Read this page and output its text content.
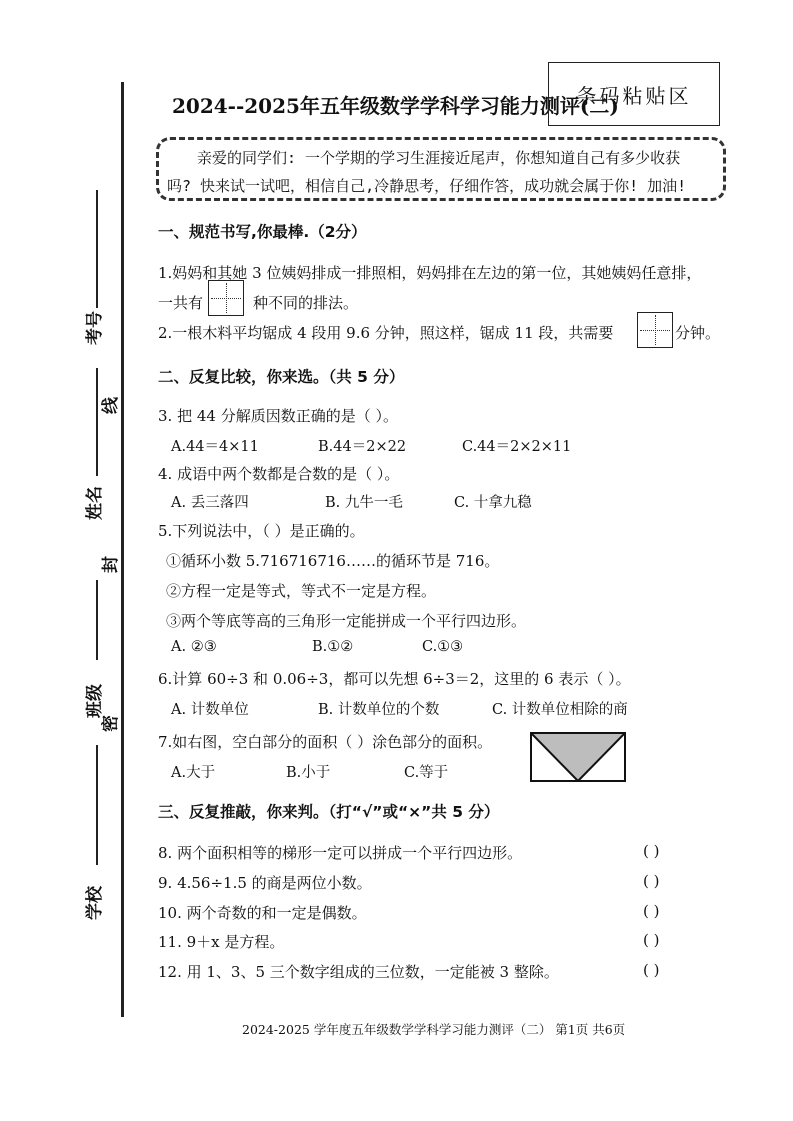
考号
线
姓名
封
班级
密
学校
2024--2025年五年级数学学科学习能力测评(二)
条码粘贴区
亲爱的同学们: 一个学期的学习生涯接近尾声，你想知道自己有多少收获
吗? 快来试一试吧，相信自己,冷静思考，仔细作答，成功就会属于你! 加油!
一、规范书写,你最棒.（2分）
1.妈妈和其她 3 位姨妈排成一排照相，妈妈排在左边的第一位，其她姨妈任意排，
一共有	种不同的排法。
2.一根木料平均锯成 4 段用 9.6 分钟，照这样，锯成 11 段，共需要	分钟。
二、反复比较，你来选。（共 5 分）
3. 把 44 分解质因数正确的是（ ）。
A.44＝4×11	B.44＝2×22	C.44＝2×2×11
4. 成语中两个数都是合数的是（ ）。
A. 丢三落四	B. 九牛一毛	C. 十拿九稳
5.下列说法中，（ ）是正确的。
①循环小数 5.716716716……的循环节是 716。
②方程一定是等式，等式不一定是方程。
③两个等底等高的三角形一定能拼成一个平行四边形。
A. ②③	B.①②	C.①③
6.计算 60÷3 和 0.06÷3，都可以先想 6÷3＝2，这里的 6 表示（ ）。
A. 计数单位	B. 计数单位的个数	C. 计数单位相除的商
7.如右图，空白部分的面积（ ）涂色部分的面积。
A.大于	B.小于	C.等于
三、反复推敲，你来判。（打“√”或“×”共 5 分）
8. 两个面积相等的梯形一定可以拼成一个平行四边形。	( )
9. 4.56÷1.5 的商是两位小数。	( )
10. 两个奇数的和一定是偶数。	( )
11. 9＋x 是方程。	( )
12. 用 1、3、5 三个数字组成的三位数，一定能被 3 整除。	( )
2024-2025 学年度五年级数学学科学习能力测评（二） 第1页 共6页
